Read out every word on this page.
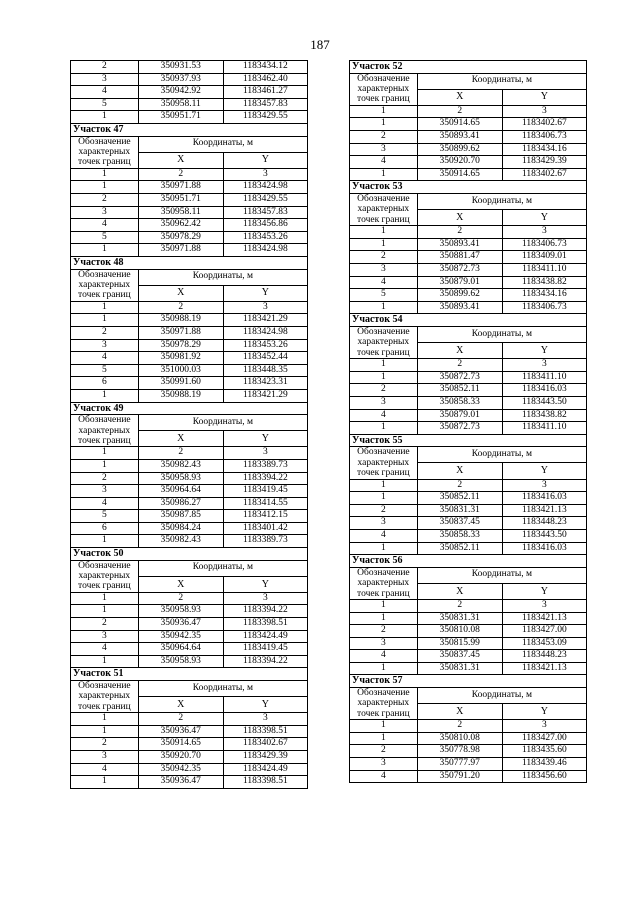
187
2	350931.53	1183434.12
3	350937.93	1183462.40
4	350942.92	1183461.27
5	350958.11	1183457.83
1	350951.71	1183429.55
Участок 47		
Обозначение характерных точек границ	Координаты, м	
	X	Y
1	2	3
1	350971.88	1183424.98
2	350951.71	1183429.55
3	350958.11	1183457.83
4	350962.42	1183456.86
5	350978.29	1183453.26
1	350971.88	1183424.98
Участок 48		
Обозначение характерных точек границ	Координаты, м	
	X	Y
1	2	3
1	350988.19	1183421.29
2	350971.88	1183424.98
3	350978.29	1183453.26
4	350981.92	1183452.44
5	351000.03	1183448.35
6	350991.60	1183423.31
1	350988.19	1183421.29
Участок 49		
Обозначение характерных точек границ	Координаты, м	
	X	Y
1	2	3
1	350982.43	1183389.73
2	350958.93	1183394.22
3	350964.64	1183419.45
4	350986.27	1183414.55
5	350987.85	1183412.15
6	350984.24	1183401.42
1	350982.43	1183389.73
Участок 50		
Обозначение характерных точек границ	Координаты, м	
	X	Y
1	2	3
1	350958.93	1183394.22
2	350936.47	1183398.51
3	350942.35	1183424.49
4	350964.64	1183419.45
1	350958.93	1183394.22
Участок 51		
Обозначение характерных точек границ	Координаты, м	
	X	Y
1	2	3
1	350936.47	1183398.51
2	350914.65	1183402.67
3	350920.70	1183429.39
4	350942.35	1183424.49
1	350936.47	1183398.51
Участок 52		
Обозначение характерных точек границ	Координаты, м	
	X	Y
1	2	3
1	350914.65	1183402.67
2	350893.41	1183406.73
3	350899.62	1183434.16
4	350920.70	1183429.39
1	350914.65	1183402.67
Участок 53		
Обозначение характерных точек границ	Координаты, м	
	X	Y
1	2	3
1	350893.41	1183406.73
2	350881.47	1183409.01
3	350872.73	1183411.10
4	350879.01	1183438.82
5	350899.62	1183434.16
1	350893.41	1183406.73
Участок 54		
Обозначение характерных точек границ	Координаты, м	
	X	Y
1	2	3
1	350872.73	1183411.10
2	350852.11	1183416.03
3	350858.33	1183443.50
4	350879.01	1183438.82
1	350872.73	1183411.10
Участок 55		
Обозначение характерных точек границ	Координаты, м	
	X	Y
1	2	3
1	350852.11	1183416.03
2	350831.31	1183421.13
3	350837.45	1183448.23
4	350858.33	1183443.50
1	350852.11	1183416.03
Участок 56		
Обозначение характерных точек границ	Координаты, м	
	X	Y
1	2	3
1	350831.31	1183421.13
2	350810.08	1183427.00
3	350815.99	1183453.09
4	350837.45	1183448.23
1	350831.31	1183421.13
Участок 57		
Обозначение характерных точек границ	Координаты, м	
	X	Y
1	2	3
1	350810.08	1183427.00
2	350778.98	1183435.60
3	350777.97	1183439.46
4	350791.20	1183456.60
